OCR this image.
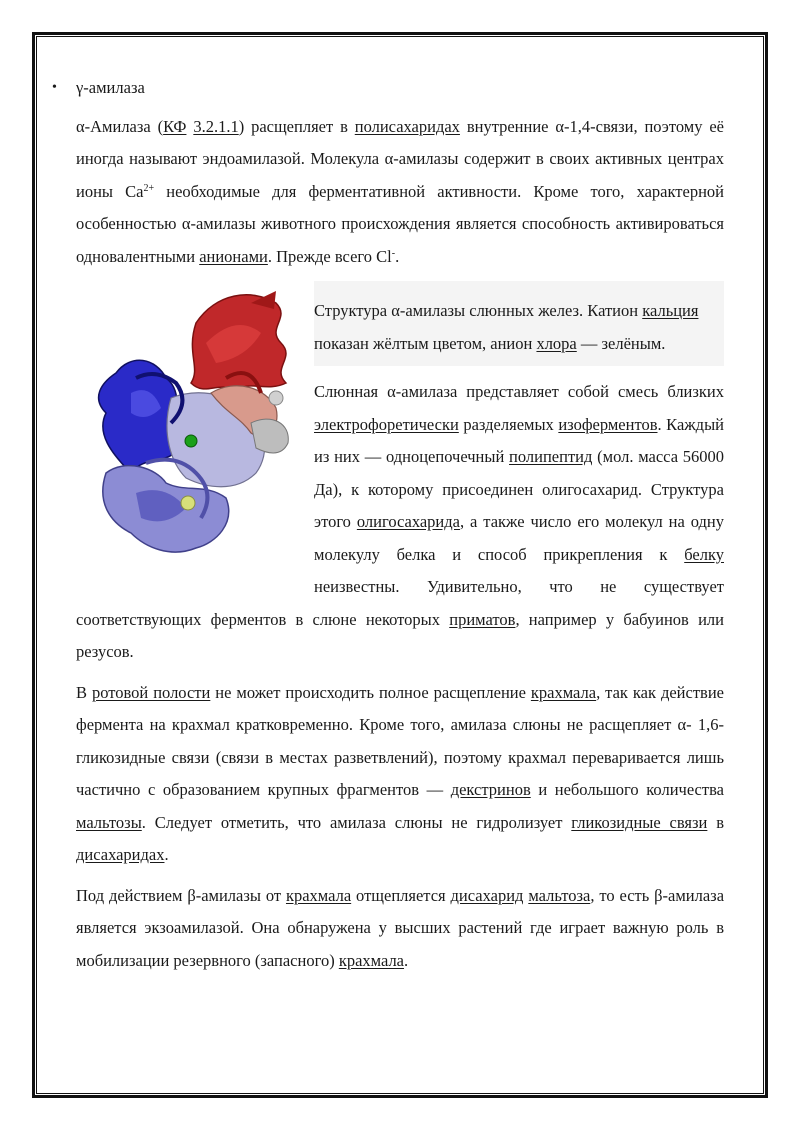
• γ-амилаза

α-Амилаза (КФ 3.2.1.1) расщепляет в полисахаридах внутренние α-1,4-связи, поэтому её иногда называют эндоамилазой. Молекула α-амилазы содержит в своих активных центрах ионы $Ca^{2+}$ необходимые для ферментативной активности. Кроме того, характерной особенностью α-амилазы животного происхождения является способность активироваться одновалентными анионами. Прежде всего Cl-.

Структура α-амилазы слюнных желез. Катион кальция показан жёлтым цветом, анион хлора — зелёным.

Слюнная α-амилаза представляет собой смесь близких электрофоретически разделяемых изоферментов. Каждый из них — одноцепочечный полипептид (мол. масса 56000 Да), к которому присоединен олигосахарид. Структура этого олигосахарида, а также число его молекул на одну молекулу белка и способ прикрепления к белку неизвестны. Удивительно, что не существует соответствующих ферментов в слюне некоторых приматов, например у бабуинов или резусов.

В ротовой полости не может происходить полное расщепление крахмала, так как действие фермента на крахмал кратковременно. Кроме того, амилаза слюны не расщепляет α- 1,6-гликозидные связи (связи в местах разветвлений), поэтому крахмал переваривается лишь частично с образованием крупных фрагментов — декстринов и небольшого количества мальтозы. Следует отметить, что амилаза слюны не гидролизует гликозидные связи в дисахаридах.

Под действием β-амилазы от крахмала отщепляется дисахарид мальтоза, то есть β-амилаза является экзоамилазой. Она обнаружена у высших растений где играет важную роль в мобилизации резервного (запасного) крахмала.
